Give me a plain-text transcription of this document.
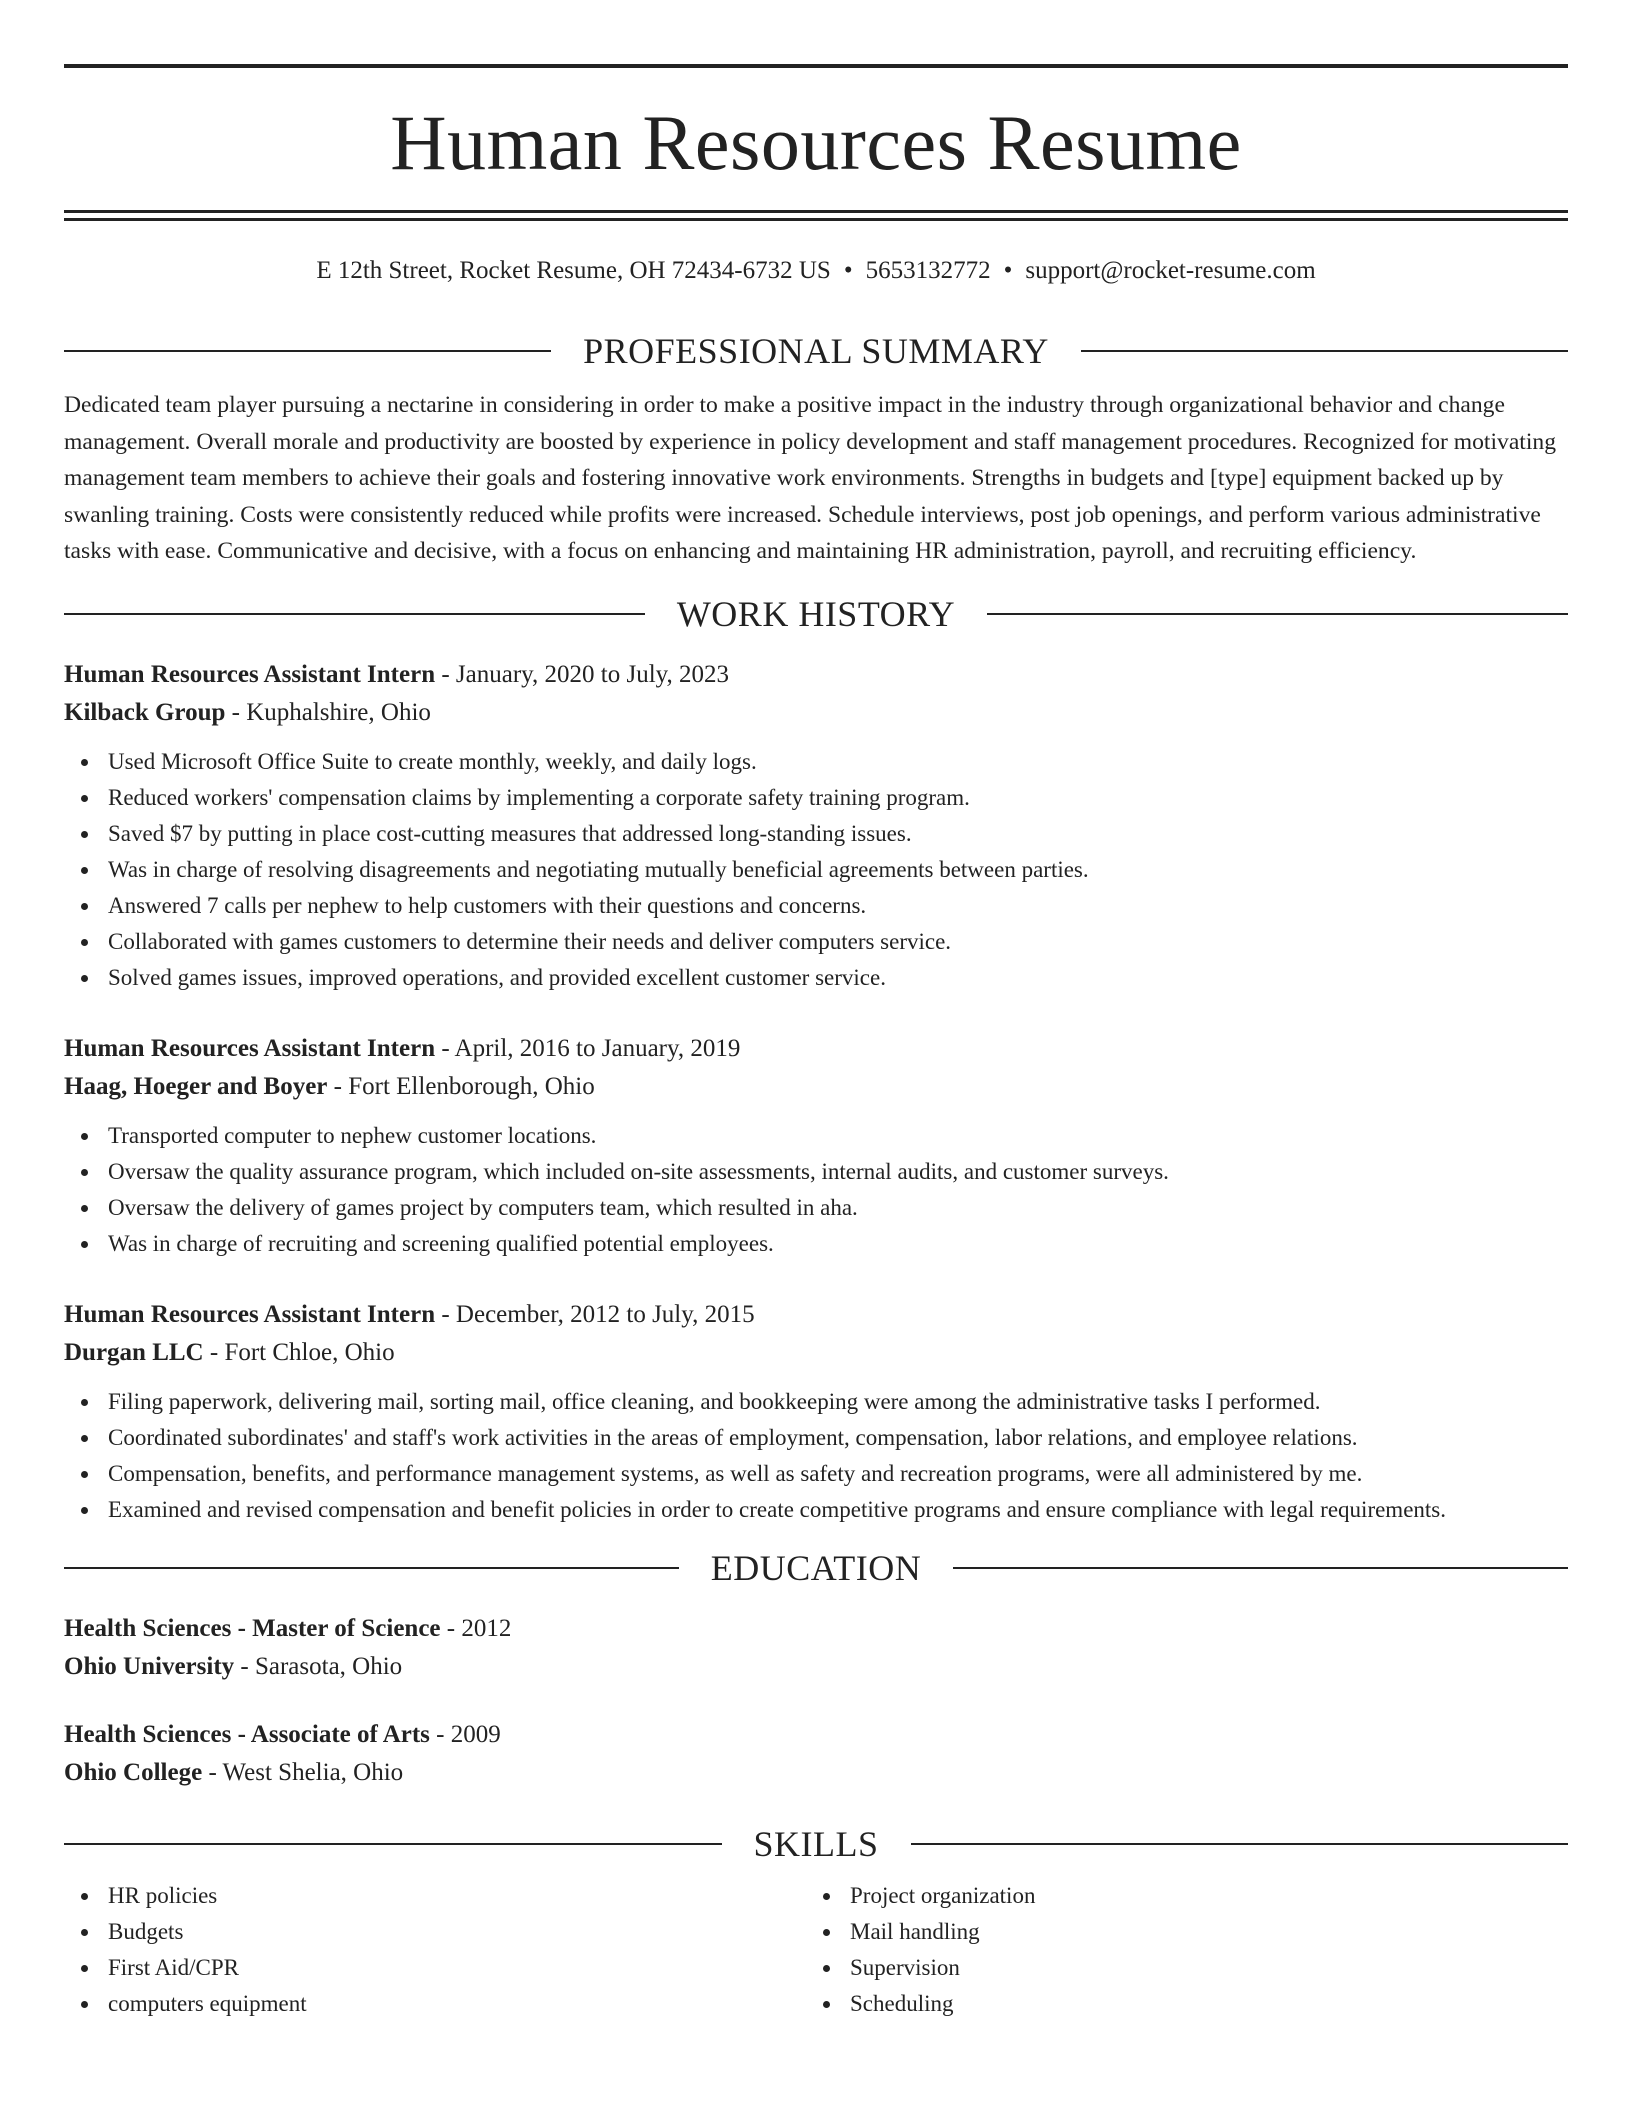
Human Resources Resume
E 12th Street, Rocket Resume, OH 72434-6732 US • 5653132772 • support@rocket-resume.com
PROFESSIONAL SUMMARY

Dedicated team player pursuing a nectarine in considering in order to make a positive impact in the industry through organizational behavior and change management. Overall morale and productivity are boosted by experience in policy development and staff management procedures. Recognized for motivating management team members to achieve their goals and fostering innovative work environments. Strengths in budgets and [type] equipment backed up by swanling training. Costs were consistently reduced while profits were increased. Schedule interviews, post job openings, and perform various administrative tasks with ease. Communicative and decisive, with a focus on enhancing and maintaining HR administration, payroll, and recruiting efficiency.

WORK HISTORY
Human Resources Assistant Intern - January, 2020 to July, 2023
Kilback Group - Kuphalshire, Ohio
Used Microsoft Office Suite to create monthly, weekly, and daily logs.
Reduced workers' compensation claims by implementing a corporate safety training program.
Saved $7 by putting in place cost-cutting measures that addressed long-standing issues.
Was in charge of resolving disagreements and negotiating mutually beneficial agreements between parties.
Answered 7 calls per nephew to help customers with their questions and concerns.
Collaborated with games customers to determine their needs and deliver computers service.
Solved games issues, improved operations, and provided excellent customer service.
Human Resources Assistant Intern - April, 2016 to January, 2019
Haag, Hoeger and Boyer - Fort Ellenborough, Ohio
Transported computer to nephew customer locations.
Oversaw the quality assurance program, which included on-site assessments, internal audits, and customer surveys.
Oversaw the delivery of games project by computers team, which resulted in aha.
Was in charge of recruiting and screening qualified potential employees.
Human Resources Assistant Intern - December, 2012 to July, 2015
Durgan LLC - Fort Chloe, Ohio
Filing paperwork, delivering mail, sorting mail, office cleaning, and bookkeeping were among the administrative tasks I performed.
Coordinated subordinates' and staff's work activities in the areas of employment, compensation, labor relations, and employee relations.
Compensation, benefits, and performance management systems, as well as safety and recreation programs, were all administered by me.
Examined and revised compensation and benefit policies in order to create competitive programs and ensure compliance with legal requirements.
EDUCATION
Health Sciences - Master of Science - 2012
Ohio University - Sarasota, Ohio
Health Sciences - Associate of Arts - 2009
Ohio College - West Shelia, Ohio
SKILLS
HR policies
Budgets
First Aid/CPR
computers equipment
Project organization
Mail handling
Supervision
Scheduling
